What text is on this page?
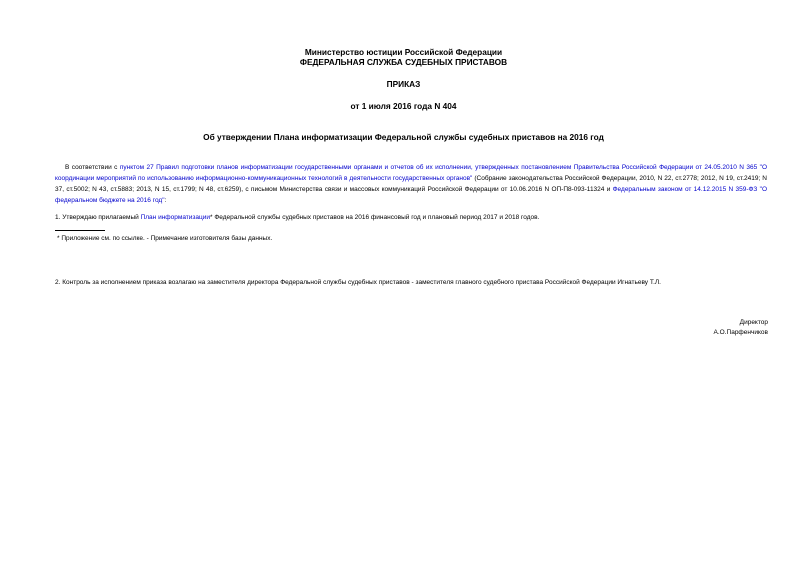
Министерство юстиции Российской Федерации
ФЕДЕРАЛЬНАЯ СЛУЖБА СУДЕБНЫХ ПРИСТАВОВ
ПРИКАЗ
от 1 июля 2016 года N 404
Об утверждении Плана информатизации Федеральной службы судебных приставов на 2016 год
В соответствии с пунктом 27 Правил подготовки планов информатизации государственными органами и отчетов об их исполнении, утвержденных постановлением Правительства Российской Федерации от 24.05.2010 N 365 "О координации мероприятий по использованию информационно-коммуникационных технологий в деятельности государственных органов" (Собрание законодательства Российской Федерации, 2010, N 22, ст.2778; 2012, N 19, ст.2419; N 37, ст.5002; N 43, ст.5883; 2013, N 15, ст.1799; N 48, ст.6259), с письмом Министерства связи и массовых коммуникаций Российской Федерации от 10.06.2016 N ОП-П8-093-11324 и Федеральным законом от 14.12.2015 N 359-ФЗ "О федеральном бюджете на 2016 год":
1. Утверждаю прилагаемый План информатизации* Федеральной службы судебных приставов на 2016 финансовый год и плановый период 2017 и 2018 годов.
* Приложение см. по ссылке. - Примечание изготовителя базы данных.
2. Контроль за исполнением приказа возлагаю на заместителя директора Федеральной службы судебных приставов - заместителя главного судебного пристава Российской Федерации Игнатьеву Т.Л.
Директор
А.О.Парфенчиков
